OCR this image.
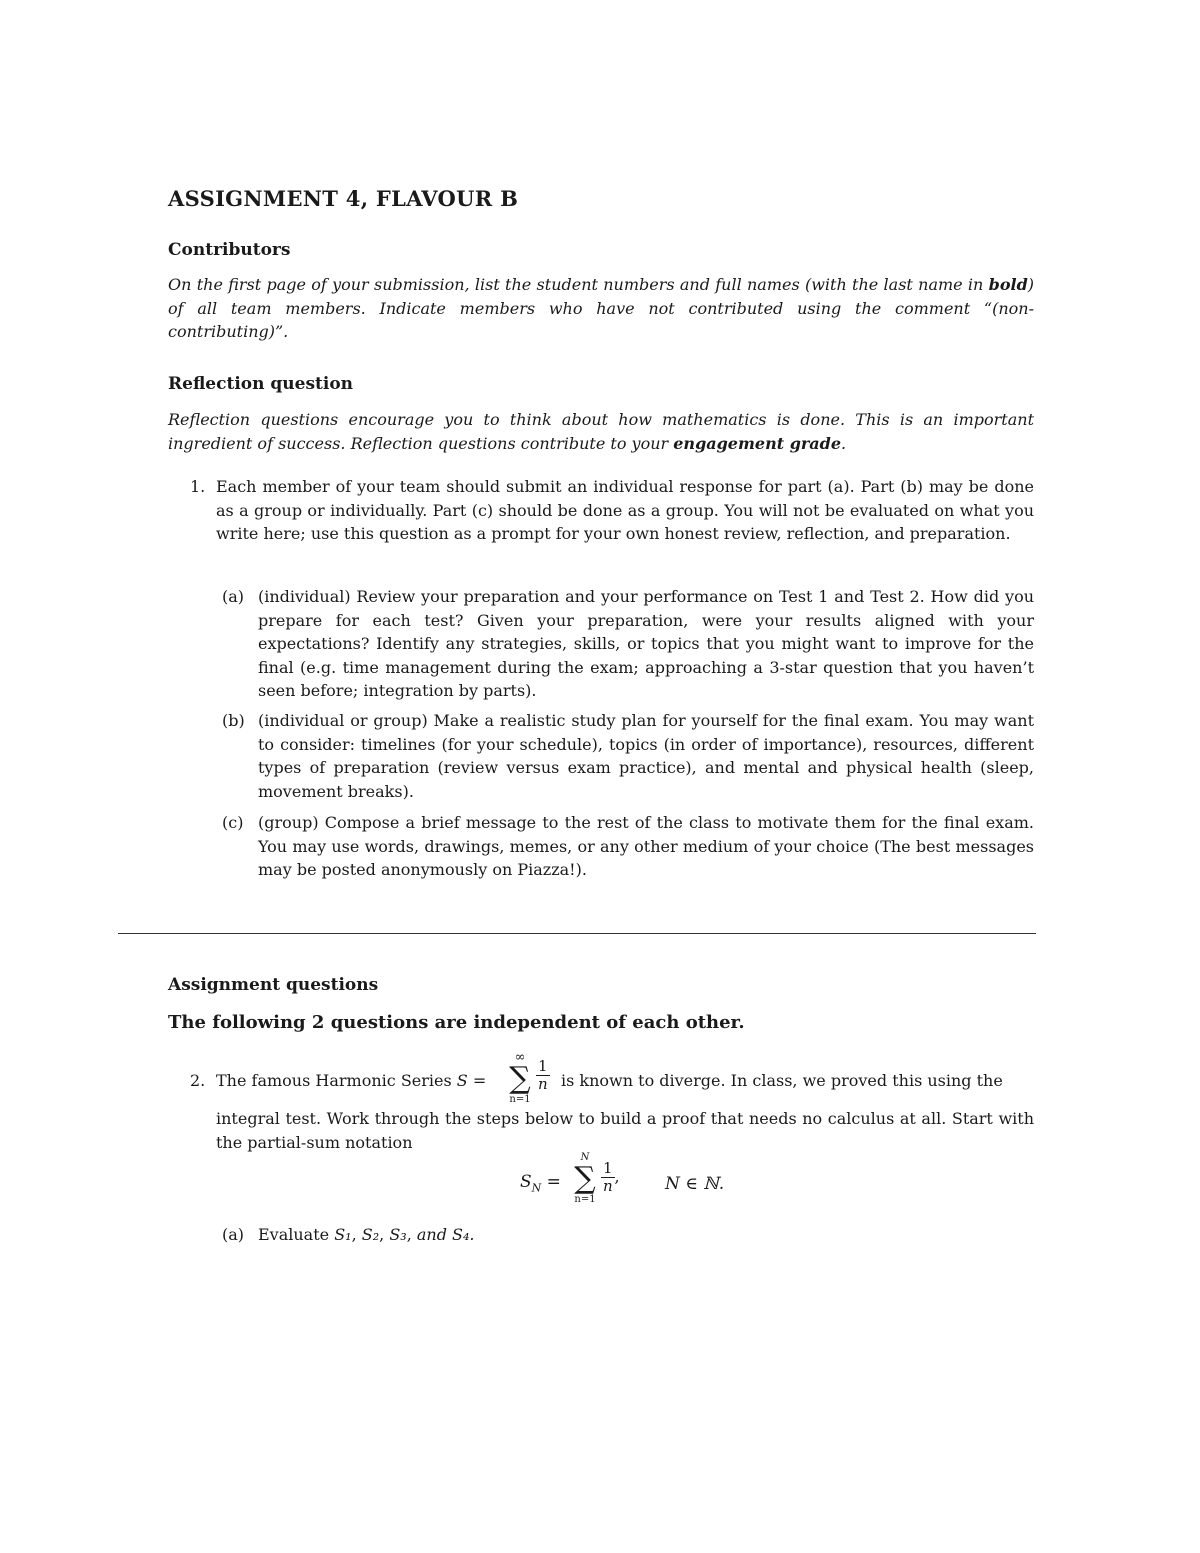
ASSIGNMENT 4, FLAVOUR B
Contributors
On the first page of your submission, list the student numbers and full names (with the last name in bold) of all team members. Indicate members who have not contributed using the comment “(non-contributing)”.
Reflection question
Reflection questions encourage you to think about how mathematics is done. This is an important ingredient of success. Reflection questions contribute to your engagement grade.
1. Each member of your team should submit an individual response for part (a). Part (b) may be done as a group or individually. Part (c) should be done as a group. You will not be evaluated on what you write here; use this question as a prompt for your own honest review, reflection, and preparation.
(a) (individual) Review your preparation and your performance on Test 1 and Test 2. How did you prepare for each test? Given your preparation, were your results aligned with your expectations? Identify any strategies, skills, or topics that you might want to improve for the final (e.g. time management during the exam; approaching a 3-star question that you haven’t seen before; integration by parts).
(b) (individual or group) Make a realistic study plan for yourself for the final exam. You may want to consider: timelines (for your schedule), topics (in order of importance), resources, different types of preparation (review versus exam practice), and mental and physical health (sleep, movement breaks).
(c) (group) Compose a brief message to the rest of the class to motivate them for the final exam. You may use words, drawings, memes, or any other medium of your choice (The best messages may be posted anonymously on Piazza!).
Assignment questions
The following 2 questions are independent of each other.
2. The famous Harmonic Series S =
∞
∑
n=1
$\frac{1}{n}$ is known to diverge. In class, we proved this using the
integral test. Work through the steps below to build a proof that needs no calculus at all. Start with the partial-sum notation
$S_N$ =
N
∑
n=1
$\frac{1}{n}$ ,	N ∈ ℕ.
(a) Evaluate S₁, S₂, S₃, and S₄.
